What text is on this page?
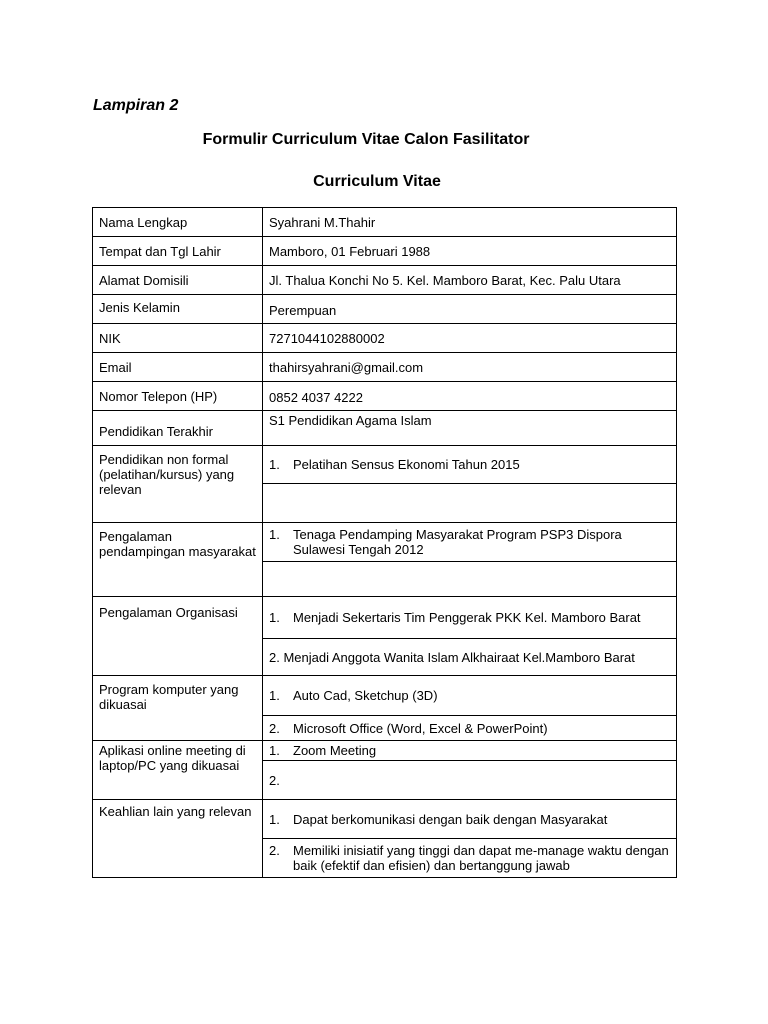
Lampiran 2
Formulir Curriculum Vitae Calon Fasilitator
Curriculum Vitae
Nama Lengkap	Syahrani M.Thahir
Tempat dan Tgl Lahir	Mamboro, 01 Februari 1988
Alamat Domisili	Jl. Thalua Konchi No 5. Kel. Mamboro Barat, Kec. Palu Utara
Jenis Kelamin	Perempuan
NIK	7271044102880002
Email	thahirsyahrani@gmail.com
Nomor Telepon (HP)	0852 4037 4222
Pendidikan Terakhir	S1 Pendidikan Agama Islam
Pendidikan non formal (pelatihan/kursus) yang relevan	1. Pelatihan Sensus Ekonomi Tahun 2015

Pengalaman pendampingan masyarakat	1. Tenaga Pendamping Masyarakat Program PSP3 Dispora Sulawesi Tengah 2012

Pengalaman Organisasi	1. Menjadi Sekertaris Tim Penggerak PKK Kel. Mamboro Barat

	2. Menjadi Anggota Wanita Islam Alkhairaat Kel.Mamboro Barat

Program komputer yang dikuasai	1. Auto Cad, Sketchup (3D)

	2. Microsoft Office (Word, Excel & PowerPoint)

Aplikasi online meeting di laptop/PC yang dikuasai	1. Zoom Meeting

	2.

Keahlian lain yang relevan	1. Dapat berkomunikasi dengan baik dengan Masyarakat

	2. Memiliki inisiatif yang tinggi dan dapat me-manage waktu dengan baik (efektif dan efisien) dan bertanggung jawab
